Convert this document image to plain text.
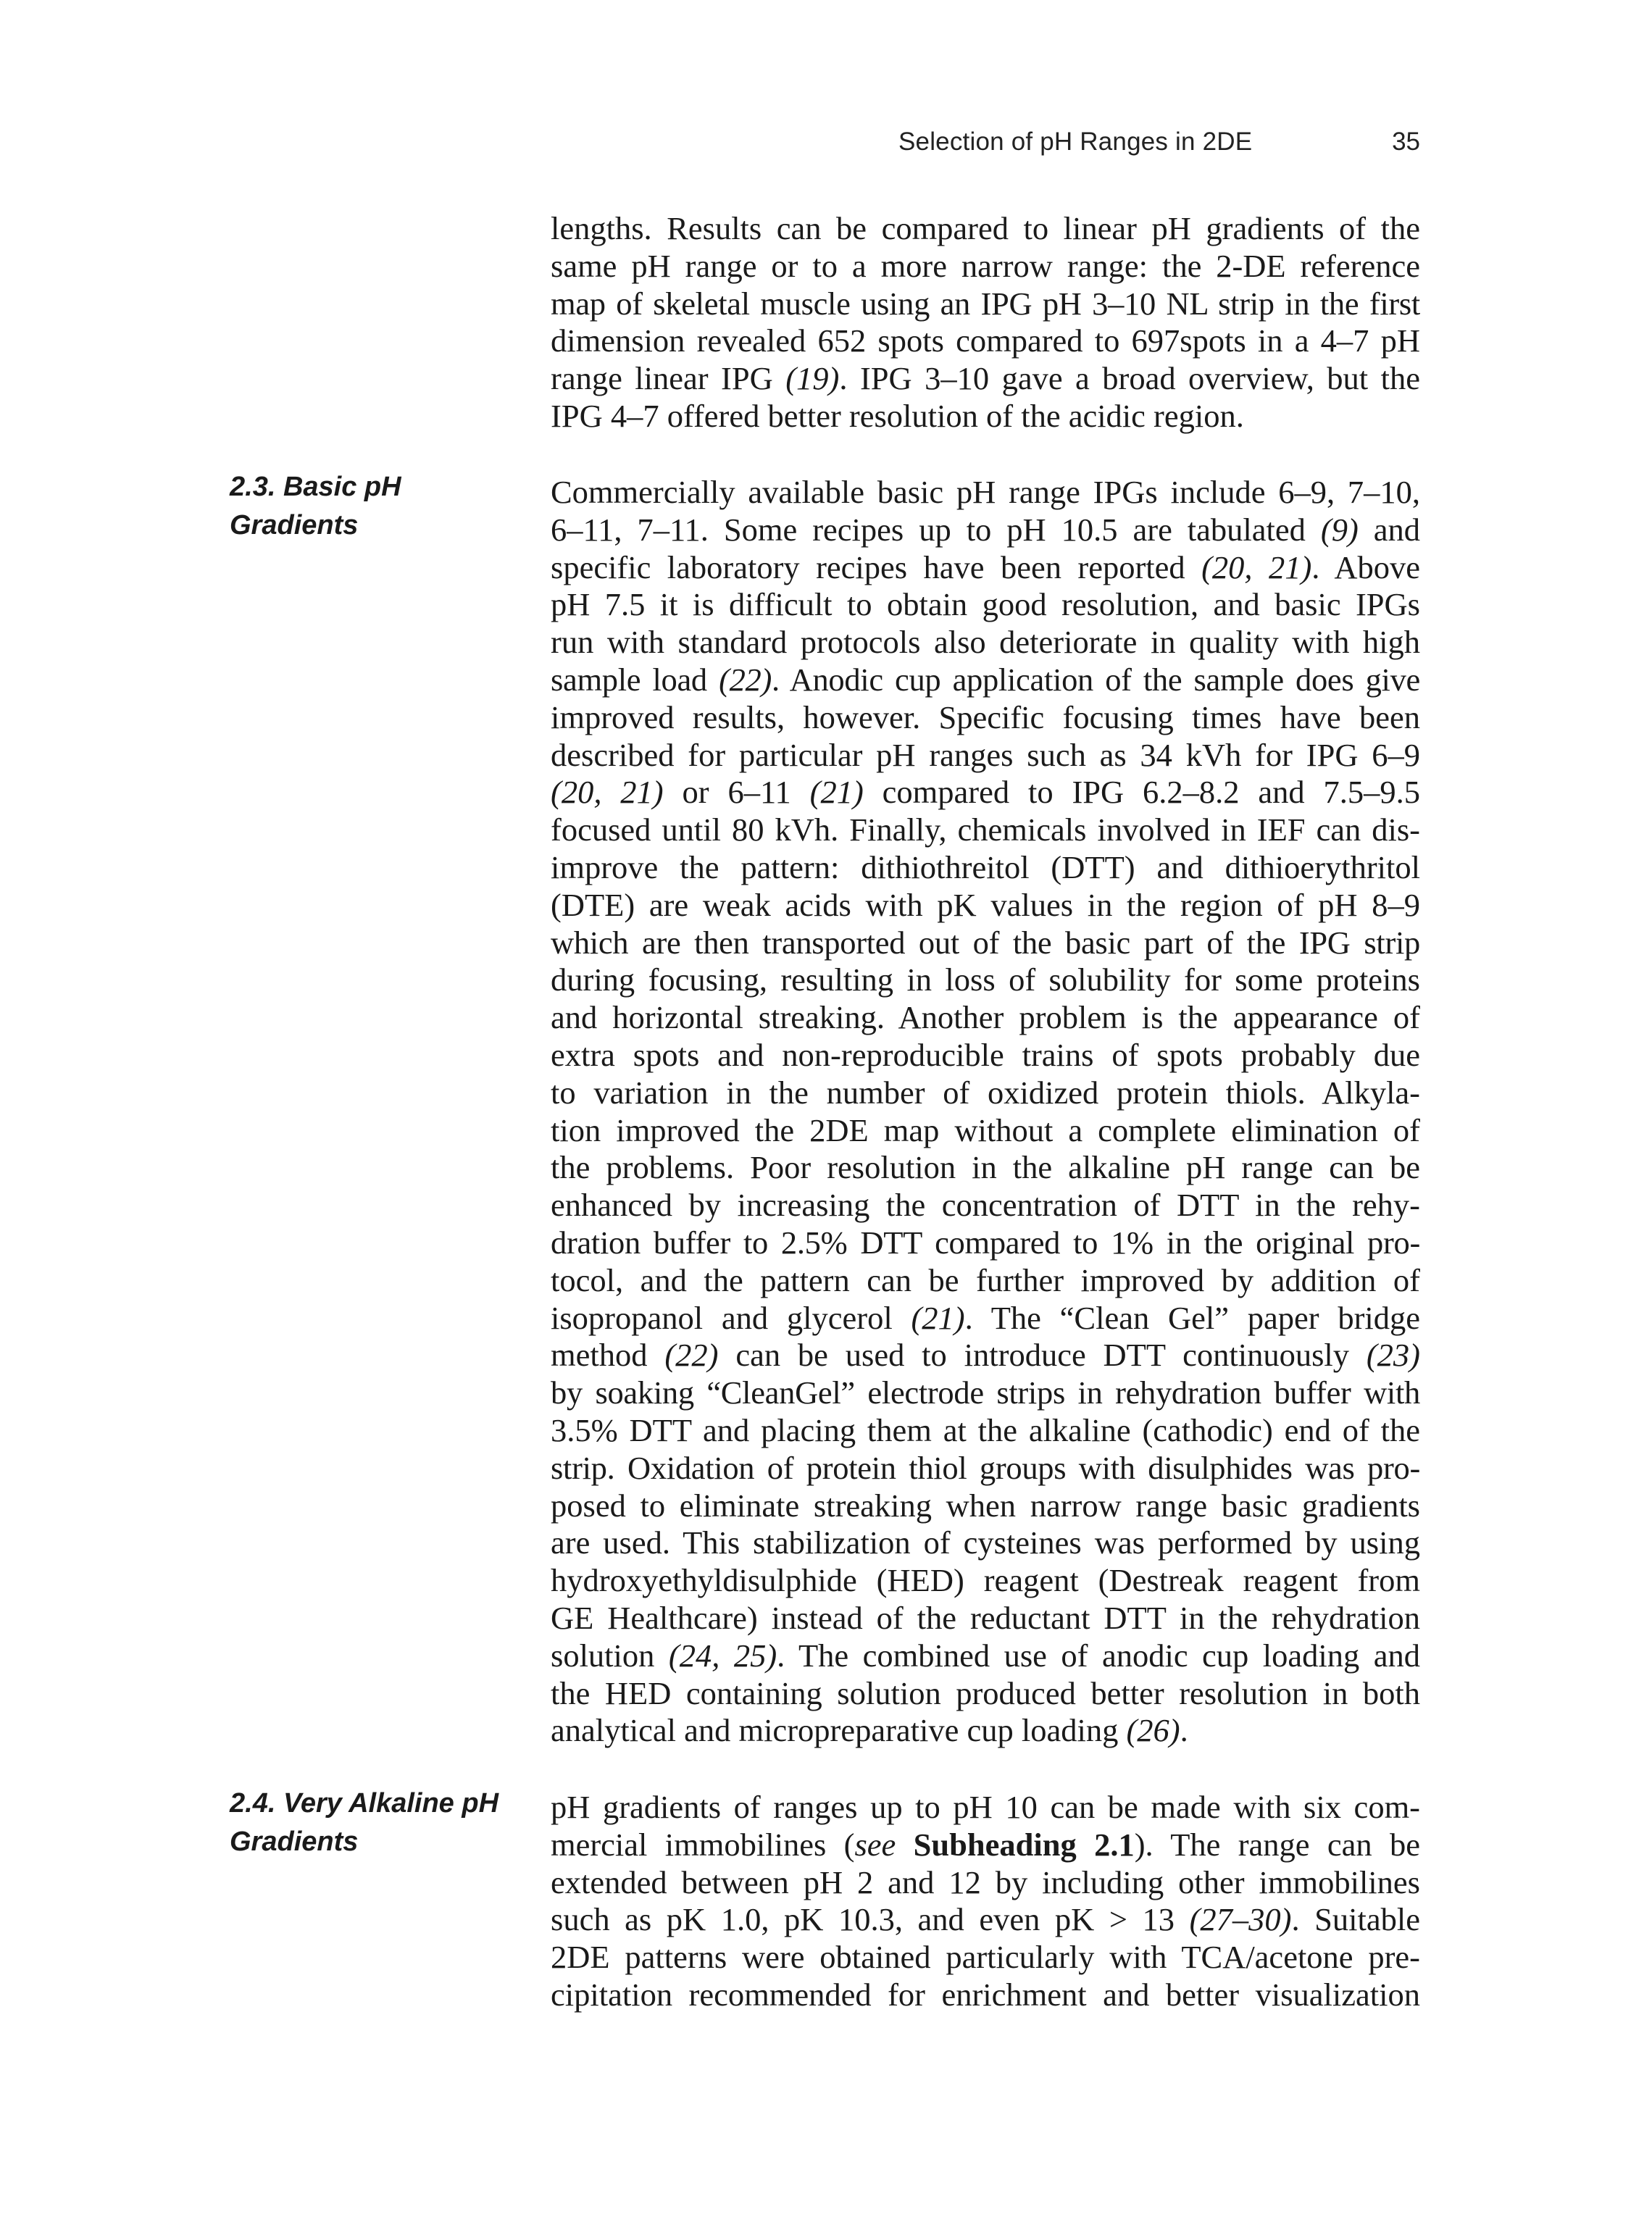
Selection of pH Ranges in 2DE	35
lengths. Results can be compared to linear pH gradients of the
same pH range or to a more narrow range: the 2-DE reference
map of skeletal muscle using an IPG pH 3–10 NL strip in the first
dimension revealed 652 spots compared to 697spots in a 4–7 pH
range linear IPG (19). IPG 3–10 gave a broad overview, but the
IPG 4–7 offered better resolution of the acidic region.
2.3. Basic pH
Gradients
Commercially available basic pH range IPGs include 6–9, 7–10,
6–11, 7–11. Some recipes up to pH 10.5 are tabulated (9) and
specific laboratory recipes have been reported (20, 21). Above
pH 7.5 it is difficult to obtain good resolution, and basic IPGs
run with standard protocols also deteriorate in quality with high
sample load (22). Anodic cup application of the sample does give
improved results, however. Specific focusing times have been
described for particular pH ranges such as 34 kVh for IPG 6–9
(20, 21) or 6–11 (21) compared to IPG 6.2–8.2 and 7.5–9.5
focused until 80 kVh. Finally, chemicals involved in IEF can dis-
improve the pattern: dithiothreitol (DTT) and dithioerythritol
(DTE) are weak acids with pK values in the region of pH 8–9
which are then transported out of the basic part of the IPG strip
during focusing, resulting in loss of solubility for some proteins
and horizontal streaking. Another problem is the appearance of
extra spots and non-reproducible trains of spots probably due
to variation in the number of oxidized protein thiols. Alkyla-
tion improved the 2DE map without a complete elimination of
the problems. Poor resolution in the alkaline pH range can be
enhanced by increasing the concentration of DTT in the rehy-
dration buffer to 2.5% DTT compared to 1% in the original pro-
tocol, and the pattern can be further improved by addition of
isopropanol and glycerol (21). The “Clean Gel” paper bridge
method (22) can be used to introduce DTT continuously (23)
by soaking “CleanGel” electrode strips in rehydration buffer with
3.5% DTT and placing them at the alkaline (cathodic) end of the
strip. Oxidation of protein thiol groups with disulphides was pro-
posed to eliminate streaking when narrow range basic gradients
are used. This stabilization of cysteines was performed by using
hydroxyethyldisulphide (HED) reagent (Destreak reagent from
GE Healthcare) instead of the reductant DTT in the rehydration
solution (24, 25). The combined use of anodic cup loading and
the HED containing solution produced better resolution in both
analytical and micropreparative cup loading (26).
2.4. Very Alkaline pH
Gradients
pH gradients of ranges up to pH 10 can be made with six com-
mercial immobilines (see Subheading 2.1). The range can be
extended between pH 2 and 12 by including other immobilines
such as pK 1.0, pK 10.3, and even pK > 13 (27–30). Suitable
2DE patterns were obtained particularly with TCA/acetone pre-
cipitation recommended for enrichment and better visualization
